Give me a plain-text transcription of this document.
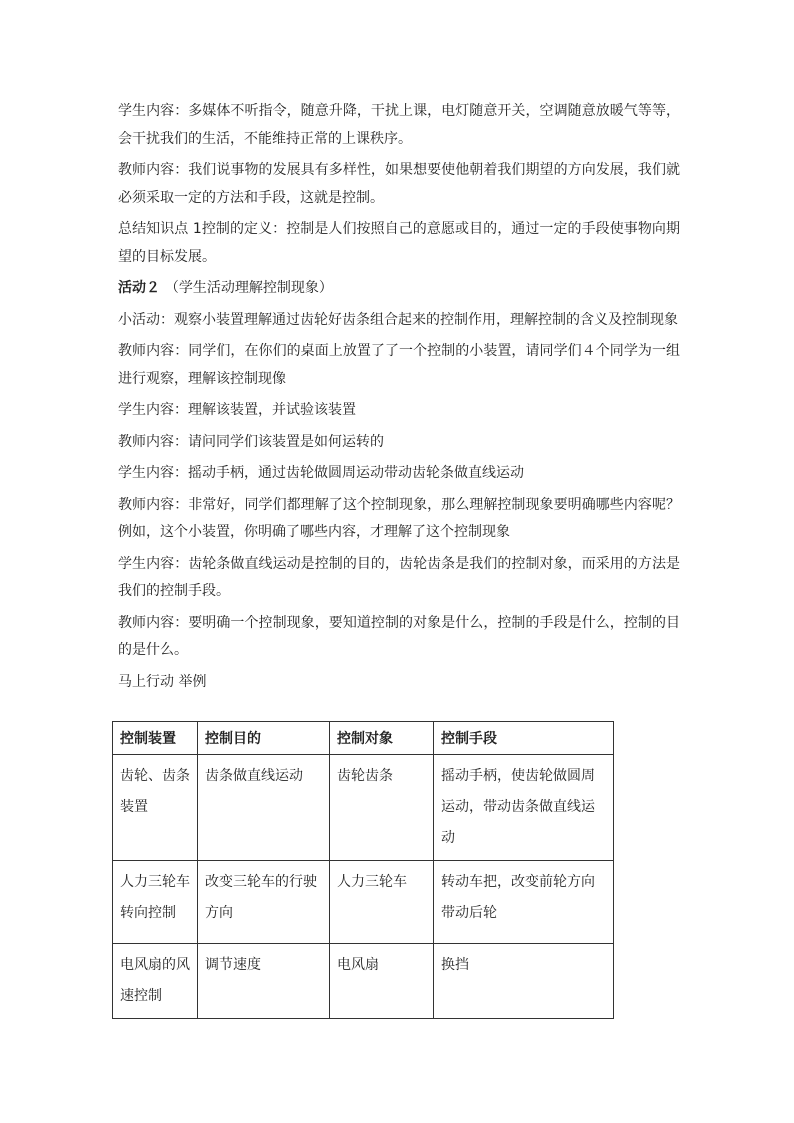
学生内容：多媒体不听指令，随意升降，干扰上课，电灯随意开关，空调随意放暖气等等，会干扰我们的生活，不能维持正常的上课秩序。

教师内容：我们说事物的发展具有多样性，如果想要使他朝着我们期望的方向发展，我们就必须采取一定的方法和手段，这就是控制。

总结知识点 1控制的定义：控制是人们按照自己的意愿或目的，通过一定的手段使事物向期望的目标发展。

活动２ （学生活动理解控制现象）

小活动：观察小装置理解通过齿轮好齿条组合起来的控制作用，理解控制的含义及控制现象

教师内容：同学们，在你们的桌面上放置了了一个控制的小装置，请同学们４个同学为一组进行观察，理解该控制现像

学生内容：理解该装置，并试验该装置

教师内容：请问同学们该装置是如何运转的

学生内容：摇动手柄，通过齿轮做圆周运动带动齿轮条做直线运动

教师内容：非常好，同学们都理解了这个控制现象，那么理解控制现象要明确哪些内容呢？例如，这个小装置，你明确了哪些内容，才理解了这个控制现象

学生内容：齿轮条做直线运动是控制的目的，齿轮齿条是我们的控制对象，而采用的方法是我们的控制手段。

教师内容：要明确一个控制现象，要知道控制的对象是什么，控制的手段是什么，控制的目的是什么。

马上行动 举例

控制装置	控制目的	控制对象	控制手段
齿轮、齿条装置	齿条做直线运动	齿轮齿条	摇动手柄，使齿轮做圆周运动，带动齿条做直线运动
人力三轮车转向控制	改变三轮车的行驶方向	人力三轮车	转动车把，改变前轮方向带动后轮
电风扇的风速控制	调节速度	电风扇	换挡
